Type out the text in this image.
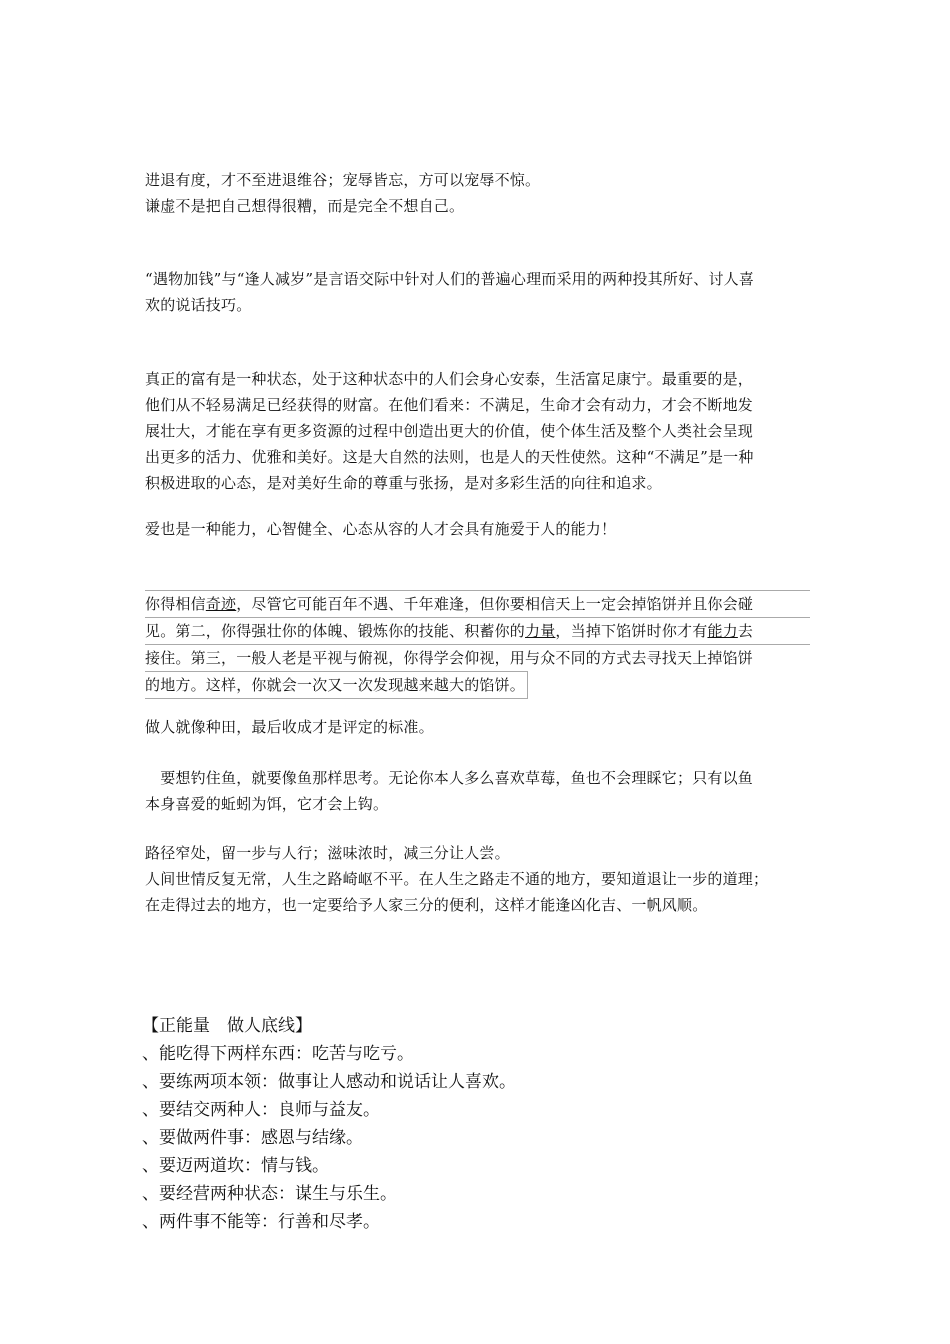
进退有度，才不至进退维谷；宠辱皆忘，方可以宠辱不惊。
谦虚不是把自己想得很糟，而是完全不想自己。
“遇物加钱”与“逢人减岁”是言语交际中针对人们的普遍心理而采用的两种投其所好、讨人喜
欢的说话技巧。
真正的富有是一种状态，处于这种状态中的人们会身心安泰，生活富足康宁。最重要的是，
他们从不轻易满足已经获得的财富。在他们看来：不满足，生命才会有动力，才会不断地发
展壮大，才能在享有更多资源的过程中创造出更大的价值，使个体生活及整个人类社会呈现
出更多的活力、优雅和美好。这是大自然的法则，也是人的天性使然。这种“不满足”是一种
积极进取的心态，是对美好生命的尊重与张扬，是对多彩生活的向往和追求。
爱也是一种能力，心智健全、心态从容的人才会具有施爱于人的能力！
你得相信奇迹，尽管它可能百年不遇、千年难逢，但你要相信天上一定会掉馅饼并且你会碰
见。第二，你得强壮你的体魄、锻炼你的技能、积蓄你的力量，当掉下馅饼时你才有能力去
接住。第三，一般人老是平视与俯视，你得学会仰视，用与众不同的方式去寻找天上掉馅饼
的地方。这样，你就会一次又一次发现越来越大的馅饼。
做人就像种田，最后收成才是评定的标准。
　要想钓住鱼，就要像鱼那样思考。无论你本人多么喜欢草莓，鱼也不会理睬它；只有以鱼
本身喜爱的蚯蚓为饵，它才会上钩。
路径窄处，留一步与人行；滋味浓时，减三分让人尝。
人间世情反复无常，人生之路崎岖不平。在人生之路走不通的地方，要知道退让一步的道理；
在走得过去的地方，也一定要给予人家三分的便利，这样才能逢凶化吉、一帆风顺。
【正能量　做人底线】
、能吃得下两样东西：吃苦与吃亏。
、要练两项本领：做事让人感动和说话让人喜欢。
、要结交两种人：良师与益友。
、要做两件事：感恩与结缘。
、要迈两道坎：情与钱。
、要经营两种状态：谋生与乐生。
、两件事不能等：行善和尽孝。
